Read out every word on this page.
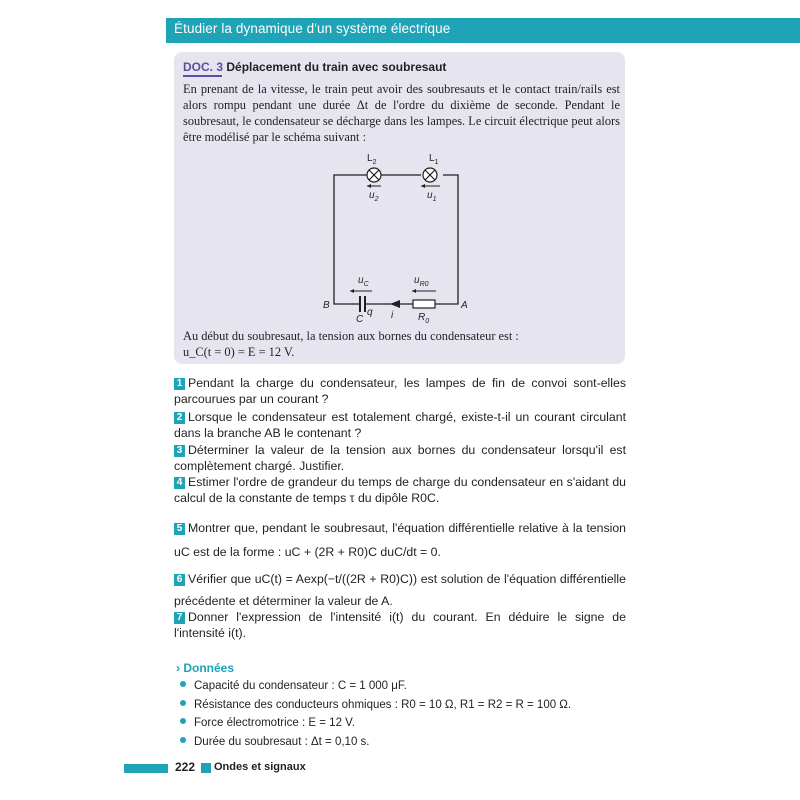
Étudier la dynamique d'un système électrique
DOC. 3 Déplacement du train avec soubresaut

En prenant de la vitesse, le train peut avoir des soubresauts et le contact train/rails est alors rompu pendant une durée Δt de l'ordre du dixième de seconde. Pendant le soubresaut, le condensateur se décharge dans les lampes. Le circuit électrique peut alors être modélisé par le schéma suivant :

$L_2$	$L_1$
$u_2$	$u_1$
$u_C$	$u_{R0}$
B	A
C
q i $R_0$

Au début du soubresaut, la tension aux bornes du condensateur est :
u_C(t = 0) = E = 12 V.

1 Pendant la charge du condensateur, les lampes de fin de convoi sont-elles parcourues par un courant ?

2 Lorsque le condensateur est totalement chargé, existe-t-il un courant circulant dans la branche AB le contenant ?

3 Déterminer la valeur de la tension aux bornes du condensateur lorsqu'il est complètement chargé. Justifier.

4 Estimer l'ordre de grandeur du temps de charge du condensateur en s'aidant du calcul de la constante de temps τ du dipôle R0C.

5 Montrer que, pendant le soubresaut, l'équation différentielle relative à la tension uC est de la forme : uC + (2R + R0)C duC/dt = 0.

6 Vérifier que uC(t) = Aexp(−t/((2R + R0)C)) est solution de l'équation différentielle précédente et déterminer la valeur de A.

7 Donner l'expression de l'intensité i(t) du courant. En déduire le signe de l'intensité i(t).

› Données
Capacité du condensateur : C = 1 000 μF.
Résistance des conducteurs ohmiques : R0 = 10 Ω, R1 = R2 = R = 100 Ω.
Force électromotrice : E = 12 V.
Durée du soubresaut : Δt = 0,10 s.
222 Ondes et signaux
